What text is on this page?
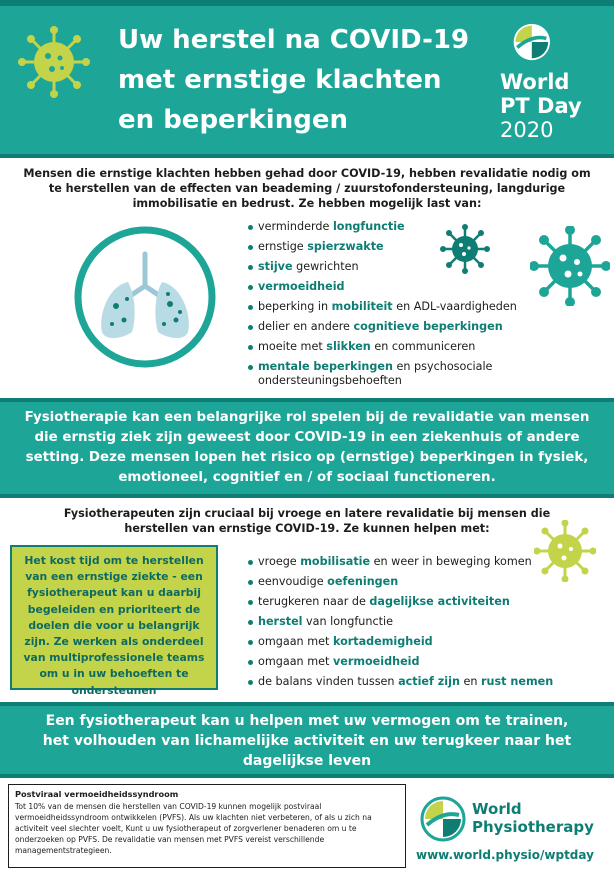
Uw herstel na COVID-19
met ernstige klachten
en beperkingen
World
PT Day
2020
Mensen die ernstige klachten hebben gehad door COVID-19, hebben revalidatie nodig om te herstellen van de effecten van beademing / zuurstofondersteuning, langdurige immobilisatie en bedrust. Ze hebben mogelijk last van:
verminderde longfunctie
ernstige spierzwakte
stijve gewrichten
vermoeidheid
beperking in mobiliteit en ADL-vaardigheden
delier en andere cognitieve beperkingen
moeite met slikken en communiceren
mentale beperkingen en psychosociale ondersteuningsbehoeften
Fysiotherapie kan een belangrijke rol spelen bij de revalidatie van mensen die ernstig ziek zijn geweest door COVID-19 in een ziekenhuis of andere setting. Deze mensen lopen het risico op (ernstige) beperkingen in fysiek, emotioneel, cognitief en / of sociaal functioneren.
Fysiotherapeuten zijn cruciaal bij vroege en latere revalidatie bij mensen die herstellen van ernstige COVID-19. Ze kunnen helpen met:
Het kost tijd om te herstellen van een ernstige ziekte - een fysiotherapeut kan u daarbij begeleiden en prioriteert de doelen die voor u belangrijk zijn. Ze werken als onderdeel van multiprofessionele teams om u in uw behoeften te ondersteunen
vroege mobilisatie en weer in beweging komen
eenvoudige oefeningen
terugkeren naar de dagelijkse activiteiten
herstel van longfunctie
omgaan met kortademigheid
omgaan met vermoeidheid
de balans vinden tussen actief zijn en rust nemen
Een fysiotherapeut kan u helpen met uw vermogen om te trainen, het volhouden van lichamelijke activiteit en uw terugkeer naar het dagelijkse leven
Postviraal vermoeidheidssyndroom
Tot 10% van de mensen die herstellen van COVID-19 kunnen mogelijk postviraal vermoeidheidssyndroom ontwikkelen (PVFS). Als uw klachten niet verbeteren, of als u zich na activiteit veel slechter voelt, Kunt u uw fysiotherapeut of zorgverlener benaderen om u te onderzoeken op PVFS. De revalidatie van mensen met PVFS vereist verschillende managementstrategieen.
World
Physiotherapy
www.world.physio/wptday
